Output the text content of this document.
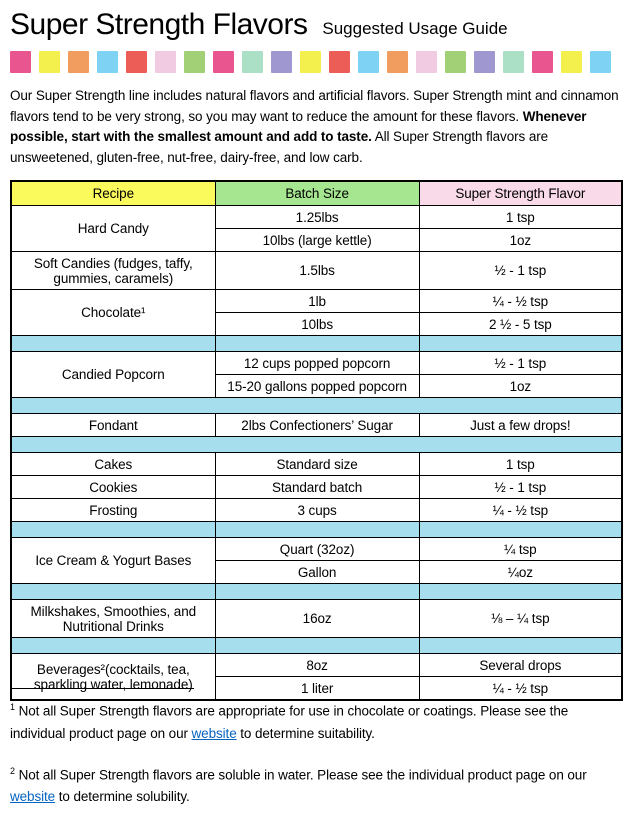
Super Strength Flavors Suggested Usage Guide

Our Super Strength line includes natural flavors and artificial flavors. Super Strength mint and cinnamon flavors tend to be very strong, so you may want to reduce the amount for these flavors. Whenever possible, start with the smallest amount and add to taste. All Super Strength flavors are unsweetened, gluten-free, nut-free, dairy-free, and low carb.

Recipe	Batch Size	Super Strength Flavor
Hard Candy	1.25lbs	1 tsp
	10lbs (large kettle)	1oz
Soft Candies (fudges, taffy, gummies, caramels)	1.5lbs	½ - 1 tsp
Chocolate¹	1lb	¼ - ½ tsp
	10lbs	2 ½ - 5 tsp

Candied Popcorn	12 cups popped popcorn	½ - 1 tsp
	15-20 gallons popped popcorn	1oz

Fondant	2lbs Confectioners’ Sugar	Just a few drops!

Cakes	Standard size	1 tsp
Cookies	Standard batch	½ - 1 tsp
Frosting	3 cups	¼ - ½ tsp

Ice Cream & Yogurt Bases	Quart (32oz)	¼ tsp
	Gallon	¼oz

Milkshakes, Smoothies, and Nutritional Drinks	16oz	⅛ – ¼ tsp

Beverages²(cocktails, tea, sparkling water, lemonade)	8oz	Several drops
	1 liter	¼ - ½ tsp

$^1$ Not all Super Strength flavors are appropriate for use in chocolate or coatings. Please see the individual product page on our website to determine suitability.

$^2$ Not all Super Strength flavors are soluble in water. Please see the individual product page on our website to determine solubility.
